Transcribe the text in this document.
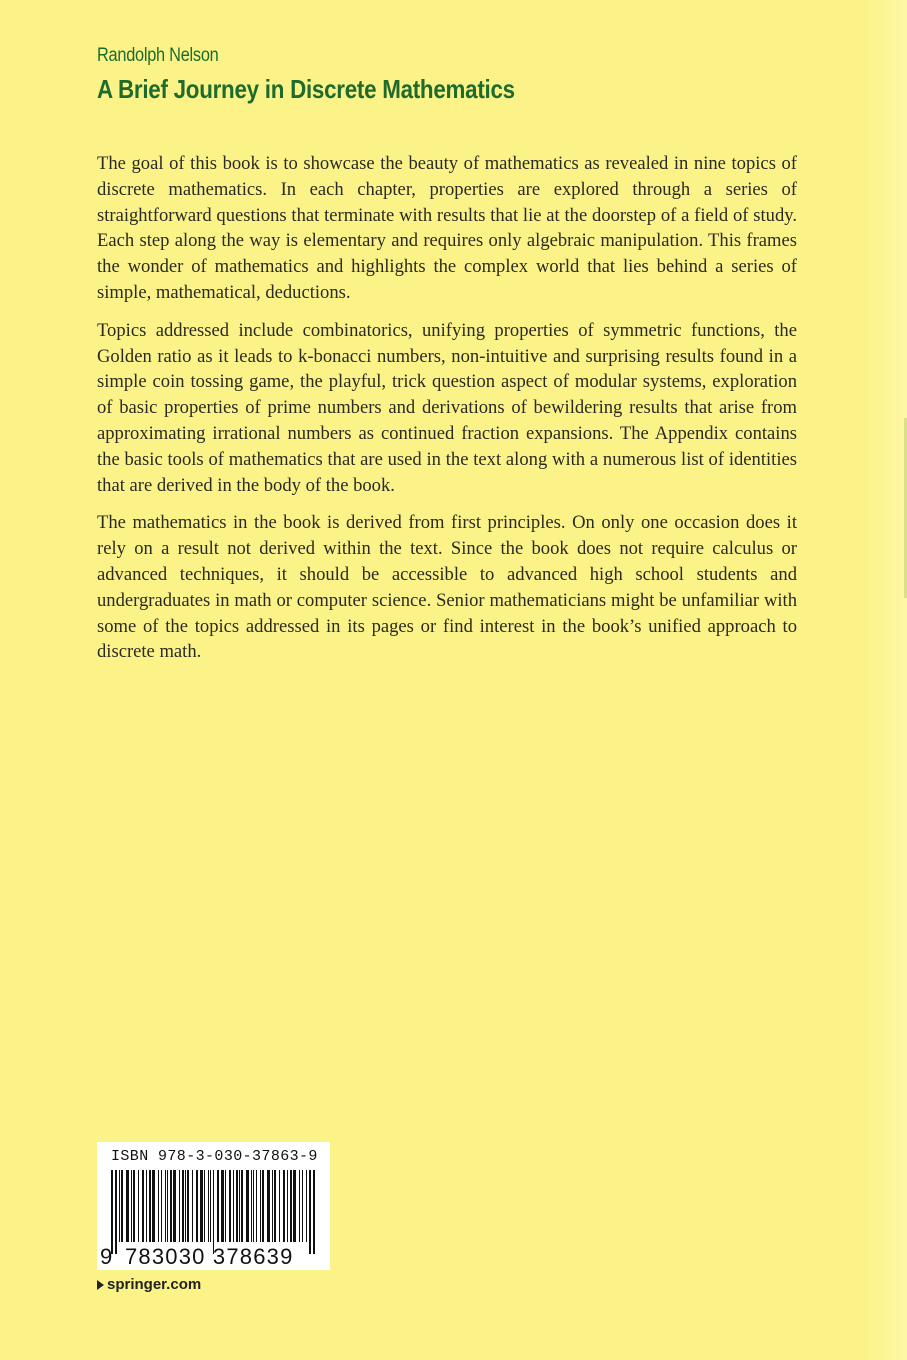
Randolph Nelson
A Brief Journey in Discrete Mathematics

The goal of this book is to showcase the beauty of mathematics as revealed in nine topics of discrete mathematics. In each chapter, properties are explored through a series of straightforward questions that terminate with results that lie at the doorstep of a field of study. Each step along the way is elementary and requires only algebraic manipulation. This frames the wonder of mathematics and highlights the complex world that lies behind a series of simple, mathematical, deductions.

Topics addressed include combinatorics, unifying properties of symmetric functions, the Golden ratio as it leads to k-bonacci numbers, non-intuitive and surprising results found in a simple coin tossing game, the playful, trick question aspect of modular systems, exploration of basic properties of prime numbers and derivations of bewildering results that arise from approximating irrational numbers as continued fraction expansions. The Appendix contains the basic tools of mathematics that are used in the text along with a numerous list of identities that are derived in the body of the book.

The mathematics in the book is derived from first principles. On only one occasion does it rely on a result not derived within the text. Since the book does not require calculus or advanced techniques, it should be accessible to advanced high school students and undergraduates in math or computer science. Senior mathematicians might be unfamiliar with some of the topics addressed in its pages or find interest in the book’s unified approach to discrete math.

ISBN 978-3-030-37863-9
9 783030 378639
springer.com
